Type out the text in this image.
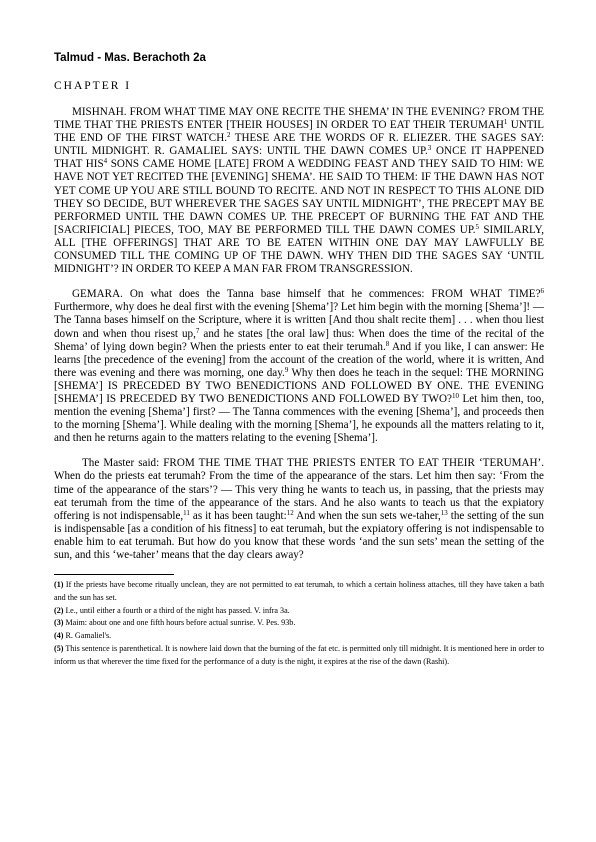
Talmud - Mas. Berachoth 2a
CHAPTER I

MISHNAH. FROM WHAT TIME MAY ONE RECITE THE SHEMA’ IN THE EVENING? FROM THE TIME THAT THE PRIESTS ENTER [THEIR HOUSES] IN ORDER TO EAT THEIR TERUMAH$^1$ UNTIL THE END OF THE FIRST WATCH.$^2$ THESE ARE THE WORDS OF R. ELIEZER. THE SAGES SAY: UNTIL MIDNIGHT. R. GAMALIEL SAYS: UNTIL THE DAWN COMES UP.$^3$ ONCE IT HAPPENED THAT HIS$^4$ SONS CAME HOME [LATE] FROM A WEDDING FEAST AND THEY SAID TO HIM: WE HAVE NOT YET RECITED THE [EVENING] SHEMA’. HE SAID TO THEM: IF THE DAWN HAS NOT YET COME UP YOU ARE STILL BOUND TO RECITE. AND NOT IN RESPECT TO THIS ALONE DID THEY SO DECIDE, BUT WHEREVER THE SAGES SAY UNTIL MIDNIGHT’, THE PRECEPT MAY BE PERFORMED UNTIL THE DAWN COMES UP. THE PRECEPT OF BURNING THE FAT AND THE [SACRIFICIAL] PIECES, TOO, MAY BE PERFORMED TILL THE DAWN COMES UP.$^5$ SIMILARLY, ALL [THE OFFERINGS] THAT ARE TO BE EATEN WITHIN ONE DAY MAY LAWFULLY BE CONSUMED TILL THE COMING UP OF THE DAWN. WHY THEN DID THE SAGES SAY ‘UNTIL MIDNIGHT’? IN ORDER TO KEEP A MAN FAR FROM TRANSGRESSION.

GEMARA. On what does the Tanna base himself that he commences: FROM WHAT TIME?$^6$ Furthermore, why does he deal first with the evening [Shema’]? Let him begin with the morning [Shema’]! — The Tanna bases himself on the Scripture, where it is written [And thou shalt recite them] . . . when thou liest down and when thou risest up,$^7$ and he states [the oral law] thus: When does the time of the recital of the Shema’ of lying down begin? When the priests enter to eat their terumah.$^8$ And if you like, I can answer: He learns [the precedence of the evening] from the account of the creation of the world, where it is written, And there was evening and there was morning, one day.$^9$ Why then does he teach in the sequel: THE MORNING [SHEMA’] IS PRECEDED BY TWO BENEDICTIONS AND FOLLOWED BY ONE. THE EVENING [SHEMA’] IS PRECEDED BY TWO BENEDICTIONS AND FOLLOWED BY TWO?$^{10}$ Let him then, too, mention the evening [Shema’] first? — The Tanna commences with the evening [Shema’], and proceeds then to the morning [Shema’]. While dealing with the morning [Shema’], he expounds all the matters relating to it, and then he returns again to the matters relating to the evening [Shema’].

The Master said: FROM THE TIME THAT THE PRIESTS ENTER TO EAT THEIR ‘TERUMAH’. When do the priests eat terumah? From the time of the appearance of the stars. Let him then say: ‘From the time of the appearance of the stars’? — This very thing he wants to teach us, in passing, that the priests may eat terumah from the time of the appearance of the stars. And he also wants to teach us that the expiatory offering is not indispensable,$^{11}$ as it has been taught:$^{12}$ And when the sun sets we-taher,$^{13}$ the setting of the sun is indispensable [as a condition of his fitness] to eat terumah, but the expiatory offering is not indispensable to enable him to eat terumah. But how do you know that these words ‘and the sun sets’ mean the setting of the sun, and this ‘we-taher’ means that the day clears away?

(1) If the priests have become ritually unclean, they are not permitted to eat terumah, to which a certain holiness attaches, till they have taken a bath and the sun has set.

(2) I.e., until either a fourth or a third of the night has passed. V. infra 3a.

(3) Maim: about one and one fifth hours before actual sunrise. V. Pes. 93b.

(4) R. Gamaliel's.

(5) This sentence is parenthetical. It is nowhere laid down that the burning of the fat etc. is permitted only till midnight. It is mentioned here in order to inform us that wherever the time fixed for the performance of a duty is the night, it expires at the rise of the dawn (Rashi).
